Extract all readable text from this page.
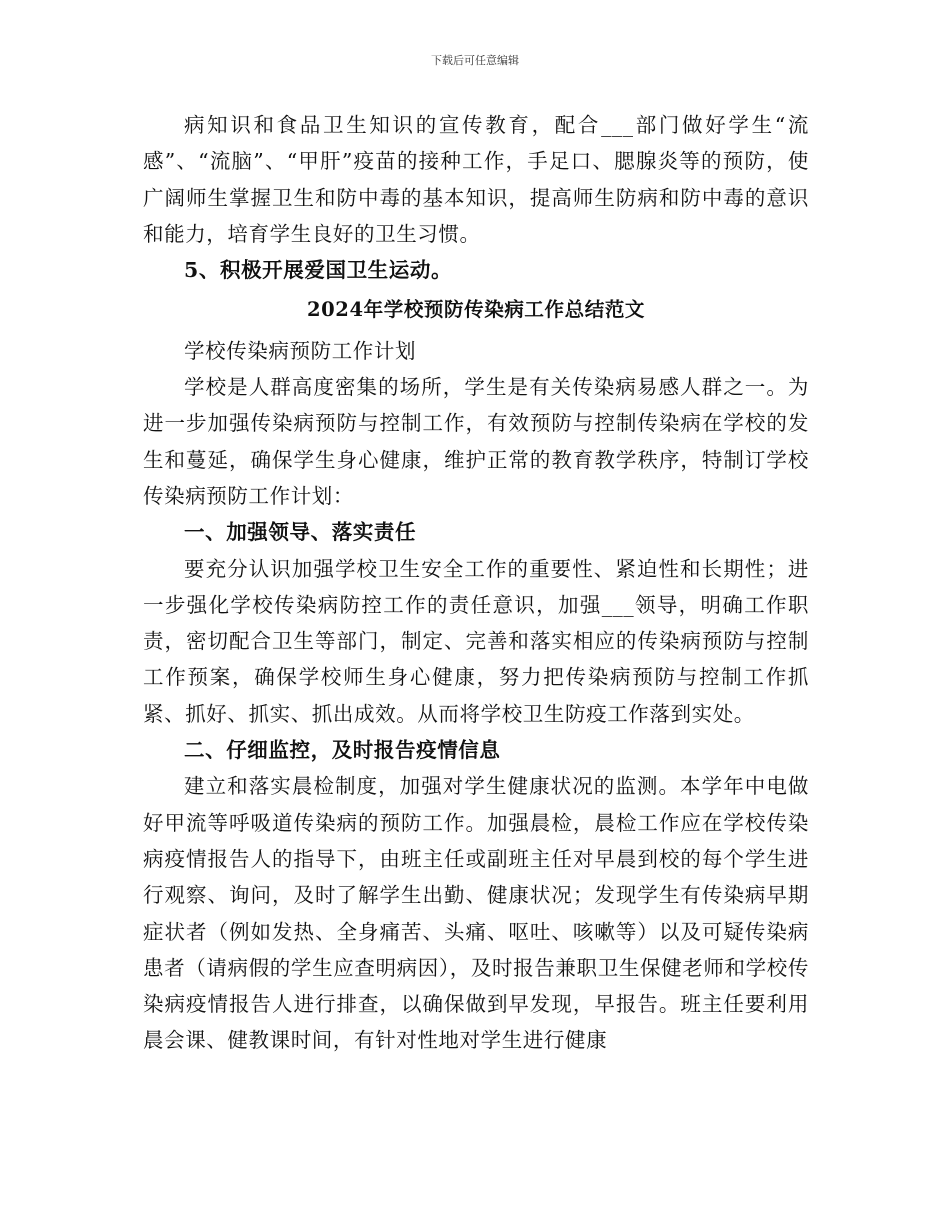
下载后可任意编辑

病知识和食品卫生知识的宣传教育，配合___部门做好学生“流感”、“流脑”、“甲肝”疫苗的接种工作，手足口、腮腺炎等的预防，使广阔师生掌握卫生和防中毒的基本知识，提高师生防病和防中毒的意识和能力，培育学生良好的卫生习惯。

5、积极开展爱国卫生运动。

2024年学校预防传染病工作总结范文

学校传染病预防工作计划

学校是人群高度密集的场所，学生是有关传染病易感人群之一。为进一步加强传染病预防与控制工作，有效预防与控制传染病在学校的发生和蔓延，确保学生身心健康，维护正常的教育教学秩序，特制订学校传染病预防工作计划：

一、加强领导、落实责任

要充分认识加强学校卫生安全工作的重要性、紧迫性和长期性；进一步强化学校传染病防控工作的责任意识，加强___领导，明确工作职责，密切配合卫生等部门，制定、完善和落实相应的传染病预防与控制工作预案，确保学校师生身心健康，努力把传染病预防与控制工作抓紧、抓好、抓实、抓出成效。从而将学校卫生防疫工作落到实处。

二、仔细监控，及时报告疫情信息

建立和落实晨检制度，加强对学生健康状况的监测。本学年中电做好甲流等呼吸道传染病的预防工作。加强晨检，晨检工作应在学校传染病疫情报告人的指导下，由班主任或副班主任对早晨到校的每个学生进行观察、询问，及时了解学生出勤、健康状况；发现学生有传染病早期症状者（例如发热、全身痛苦、头痛、呕吐、咳嗽等）以及可疑传染病患者（请病假的学生应查明病因），及时报告兼职卫生保健老师和学校传染病疫情报告人进行排查，以确保做到早发现，早报告。班主任要利用晨会课、健教课时间，有针对性地对学生进行健康
